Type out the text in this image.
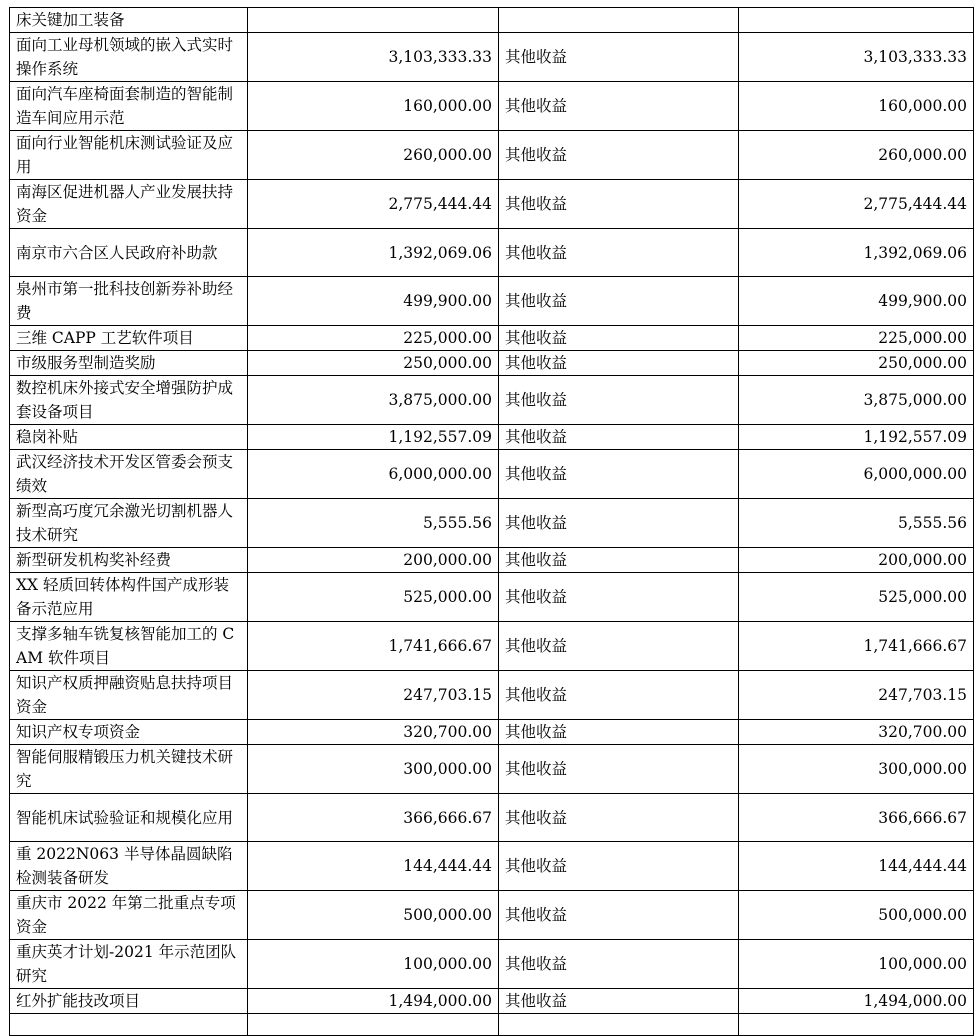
床关键加工装备			
面向工业母机领域的嵌入式实时操作系统	3,103,333.33	其他收益	3,103,333.33
面向汽车座椅面套制造的智能制造车间应用示范	160,000.00	其他收益	160,000.00
面向行业智能机床测试验证及应用	260,000.00	其他收益	260,000.00
南海区促进机器人产业发展扶持资金	2,775,444.44	其他收益	2,775,444.44
南京市六合区人民政府补助款	1,392,069.06	其他收益	1,392,069.06
泉州市第一批科技创新券补助经费	499,900.00	其他收益	499,900.00
三维 CAPP 工艺软件项目	225,000.00	其他收益	225,000.00
市级服务型制造奖励	250,000.00	其他收益	250,000.00
数控机床外接式安全增强防护成套设备项目	3,875,000.00	其他收益	3,875,000.00
稳岗补贴	1,192,557.09	其他收益	1,192,557.09
武汉经济技术开发区管委会预支绩效	6,000,000.00	其他收益	6,000,000.00
新型高巧度冗余激光切割机器人技术研究	5,555.56	其他收益	5,555.56
新型研发机构奖补经费	200,000.00	其他收益	200,000.00
XX 轻质回转体构件国产成形装备示范应用	525,000.00	其他收益	525,000.00
支撑多轴车铣复核智能加工的 CAM 软件项目	1,741,666.67	其他收益	1,741,666.67
知识产权质押融资贴息扶持项目资金	247,703.15	其他收益	247,703.15
知识产权专项资金	320,700.00	其他收益	320,700.00
智能伺服精锻压力机关键技术研究	300,000.00	其他收益	300,000.00
智能机床试验验证和规模化应用	366,666.67	其他收益	366,666.67
重 2022N063 半导体晶圆缺陷检测装备研发	144,444.44	其他收益	144,444.44
重庆市 2022 年第二批重点专项资金	500,000.00	其他收益	500,000.00
重庆英才计划-2021 年示范团队研究	100,000.00	其他收益	100,000.00
红外扩能技改项目	1,494,000.00	其他收益	1,494,000.00
